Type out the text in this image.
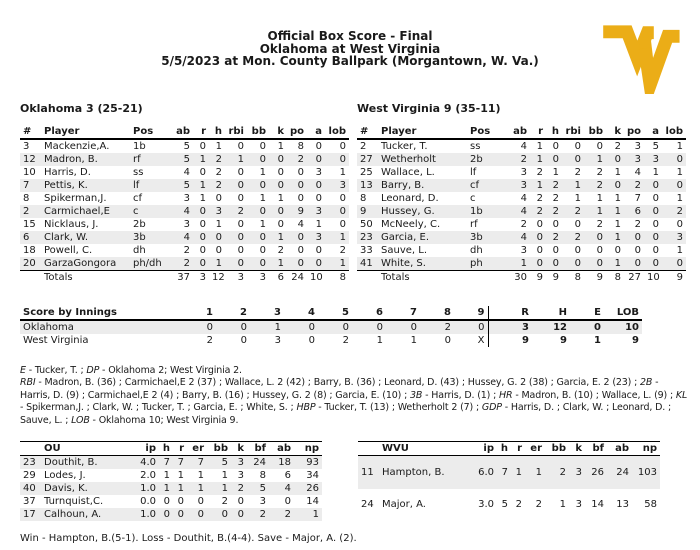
Official Box Score - Final
Oklahoma at West Virginia
5/5/2023 at Mon. County Ballpark (Morgantown, W. Va.)
Oklahoma 3 (25-21)
#	Player	Pos	ab	r	h	rbi	bb	k	po	a	lob
3	Mackenzie,A.	1b	5	0	1	0	0	1	8	0	0
12	Madron, B.	rf	5	1	2	1	0	0	2	0	0
10	Harris, D.	ss	4	0	2	0	1	0	0	3	1
7	Pettis, K.	lf	5	1	2	0	0	0	0	0	3
8	Spikerman,J.	cf	3	1	0	0	1	1	0	0	0
2	Carmichael,E	c	4	0	3	2	0	0	9	3	0
15	Nicklaus, J.	2b	3	0	1	0	1	0	4	1	0
6	Clark, W.	3b	4	0	0	0	0	1	0	3	1
18	Powell, C.	dh	2	0	0	0	0	2	0	0	2
20	GarzaGongora	ph/dh	2	0	1	0	0	1	0	0	1
	Totals		37	3	12	3	3	6	24	10	8
West Virginia 9 (35-11)
#	Player	Pos	ab	r	h	rbi	bb	k	po	a	lob
2	Tucker, T.	ss	4	1	0	0	0	2	3	5	1
27	Wetherholt	2b	2	1	0	0	1	0	3	3	0
25	Wallace, L.	lf	3	2	1	2	2	1	4	1	1
13	Barry, B.	cf	3	1	2	1	2	0	2	0	0
8	Leonard, D.	c	4	2	2	1	1	1	7	0	1
9	Hussey, G.	1b	4	2	2	2	1	1	6	0	2
50	McNeely, C.	rf	2	0	0	0	2	1	2	0	0
23	Garcia, E.	3b	4	0	2	2	0	1	0	0	3
33	Sauve, L.	dh	3	0	0	0	0	0	0	0	1
41	White, S.	ph	1	0	0	0	0	1	0	0	0
	Totals		30	9	9	8	9	8	27	10	9
Score by Innings	1	2	3	4	5	6	7	8	9	R	H	E	LOB
Oklahoma	0	0	1	0	0	0	0	2	0	3	12	0	10
West Virginia	2	0	3	0	2	1	1	0	X	9	9	1	9

E - Tucker, T. ; DP - Oklahoma 2; West Virginia 2.

RBI - Madron, B. (36) ; Carmichael,E 2 (37) ; Wallace, L. 2 (42) ; Barry, B. (36) ; Leonard, D. (43) ; Hussey, G. 2 (38) ; Garcia, E. 2 (23) ; 2B - Harris, D. (9) ; Carmichael,E 2 (4) ; Barry, B. (16) ; Hussey, G. 2 (8) ; Garcia, E. (10) ; 3B - Harris, D. (1) ; HR - Madron, B. (10) ; Wallace, L. (9) ; KL - Spikerman,J. ; Clark, W. ; Tucker, T. ; Garcia, E. ; White, S. ; HBP - Tucker, T. (13) ; Wetherholt 2 (7) ; GDP - Harris, D. ; Clark, W. ; Leonard, D. ; Sauve, L. ; LOB - Oklahoma 10; West Virginia 9.

	OU	ip	h	r	er	bb	k	bf	ab	np
23	Douthit, B.	4.0	7	7	7	5	3	24	18	93
29	Lodes, J.	2.0	1	1	1	1	3	8	6	34
40	Davis, K.	1.0	1	1	1	1	2	5	4	26
37	Turnquist,C.	0.0	0	0	0	2	0	3	0	14
17	Calhoun, A.	1.0	0	0	0	0	0	2	2	1
	WVU	ip	h	r	er	bb	k	bf	ab	np
11	Hampton, B.	6.0	7	1	1	2	3	26	24	103
24	Major, A.	3.0	5	2	2	1	3	14	13	58
Win - Hampton, B.(5-1). Loss - Douthit, B.(4-4). Save - Major, A. (2).
